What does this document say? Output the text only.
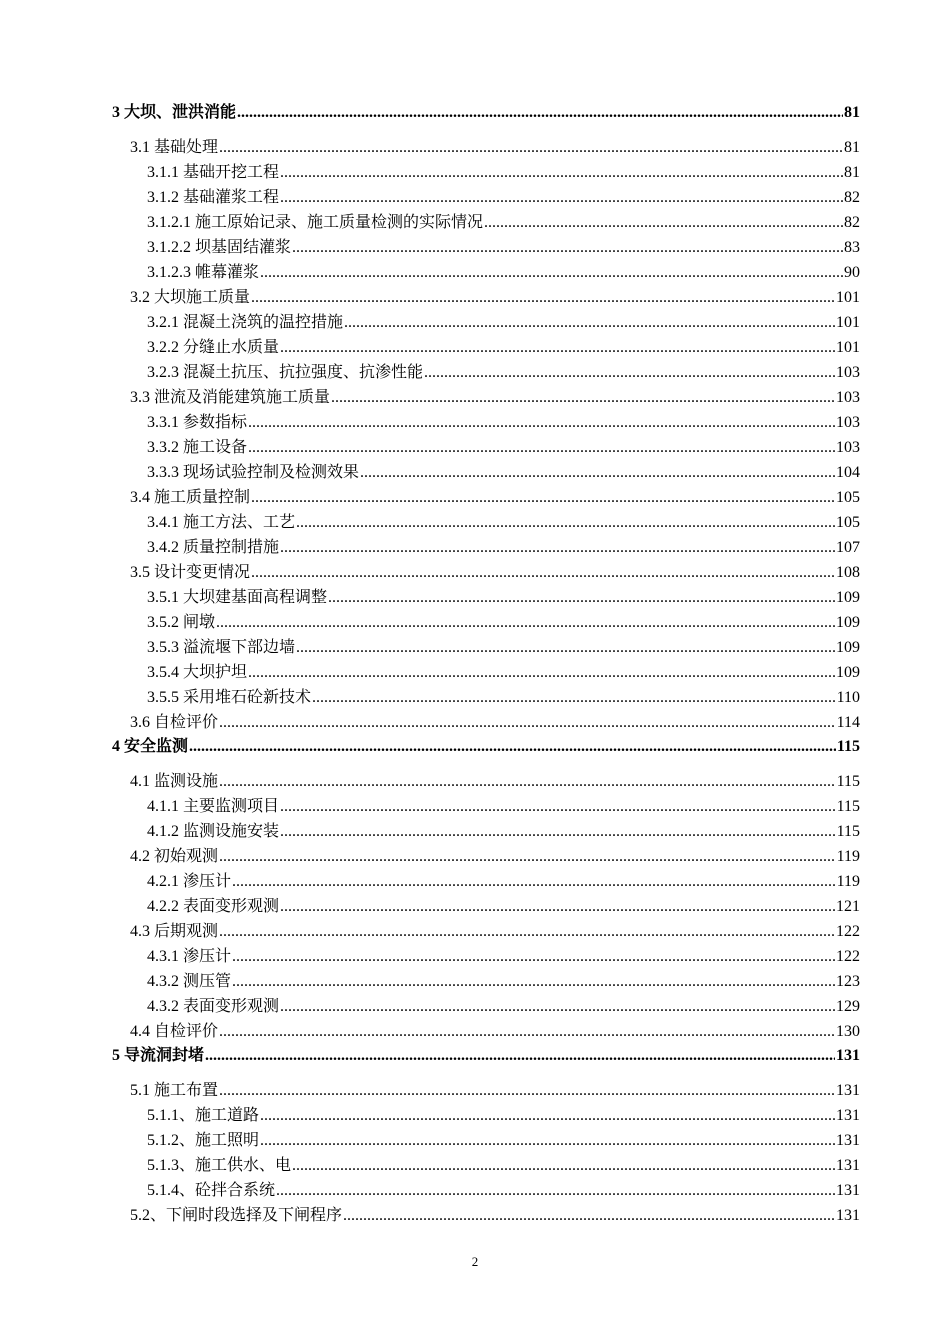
3 大坝、泄洪消能 .....	81
3.1 基础处理 .....	81
3.1.1 基础开挖工程 .....	81
3.1.2 基础灌浆工程 .....	82
3.1.2.1 施工原始记录、施工质量检测的实际情况 .....	82
3.1.2.2 坝基固结灌浆 .....	83
3.1.2.3 帷幕灌浆 .....	90
3.2 大坝施工质量 .....	101
3.2.1 混凝土浇筑的温控措施 .....	101
3.2.2 分缝止水质量 .....	101
3.2.3 混凝土抗压、抗拉强度、抗渗性能 .....	103
3.3 泄流及消能建筑施工质量 .....	103
3.3.1 参数指标 .....	103
3.3.2 施工设备 .....	103
3.3.3 现场试验控制及检测效果 .....	104
3.4 施工质量控制 .....	105
3.4.1 施工方法、工艺 .....	105
3.4.2 质量控制措施 .....	107
3.5 设计变更情况 .....	108
3.5.1 大坝建基面高程调整 .....	109
3.5.2 闸墩 .....	109
3.5.3 溢流堰下部边墙 .....	109
3.5.4 大坝护坦 .....	109
3.5.5 采用堆石砼新技术 .....	110
3.6 自检评价 .....	114
4 安全监测 .....	115
4.1 监测设施 .....	115
4.1.1 主要监测项目 .....	115
4.1.2 监测设施安装 .....	115
4.2 初始观测 .....	119
4.2.1 渗压计 .....	119
4.2.2 表面变形观测 .....	121
4.3 后期观测 .....	122
4.3.1 渗压计 .....	122
4.3.2 测压管 .....	123
4.3.2 表面变形观测 .....	129
4.4 自检评价 .....	130
5 导流洞封堵 .....	131
5.1 施工布置 .....	131
5.1.1、施工道路 .....	131
5.1.2、施工照明 .....	131
5.1.3、施工供水、电 .....	131
5.1.4、砼拌合系统 .....	131
5.2、下闸时段选择及下闸程序 .....	131
2
